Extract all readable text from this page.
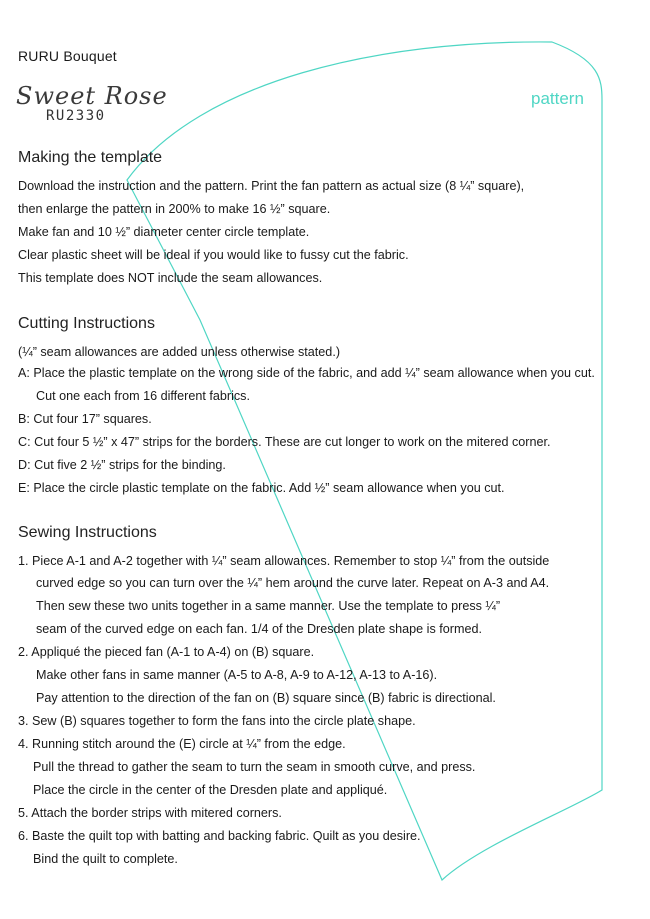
RURU Bouquet
Sweet Rose
RU2330
pattern
Making the template
Download the instruction and the pattern. Print the fan pattern as actual size (8 ¼” square),
then enlarge the pattern in 200% to make 16 ½” square.
Make fan and 10 ½” diameter center circle template.
Clear plastic sheet will be ideal if you would like to fussy cut the fabric.
This template does NOT include the seam allowances.
Cutting Instructions
(¼” seam allowances are added unless otherwise stated.)
A: Place the plastic template on the wrong side of the fabric, and add ¼” seam allowance when you cut.
Cut one each from 16 different fabrics.
B: Cut four 17” squares.
C: Cut four 5 ½” x 47” strips for the borders. These are cut longer to work on the mitered corner.
D: Cut five 2 ½” strips for the binding.
E: Place the circle plastic template on the fabric. Add ½” seam allowance when you cut.
Sewing Instructions
1. Piece A-1 and A-2 together with ¼” seam allowances. Remember to stop ¼” from the outside
curved edge so you can turn over the ¼” hem around the curve later. Repeat on A-3 and A4.
Then sew these two units together in a same manner. Use the template to press ¼”
seam of the curved edge on each fan. 1/4 of the Dresden plate shape is formed.
2. Appliqué the pieced fan (A-1 to A-4) on (B) square.
Make other fans in same manner (A-5 to A-8, A-9 to A-12, A-13 to A-16).
Pay attention to the direction of the fan on (B) square since (B) fabric is directional.
3. Sew (B) squares together to form the fans into the circle plate shape.
4. Running stitch around the (E) circle at ¼” from the edge.
Pull the thread to gather the seam to turn the seam in smooth curve, and press.
Place the circle in the center of the Dresden plate and appliqué.
5. Attach the border strips with mitered corners.
6. Baste the quilt top with batting and backing fabric. Quilt as you desire.
Bind the quilt to complete.
